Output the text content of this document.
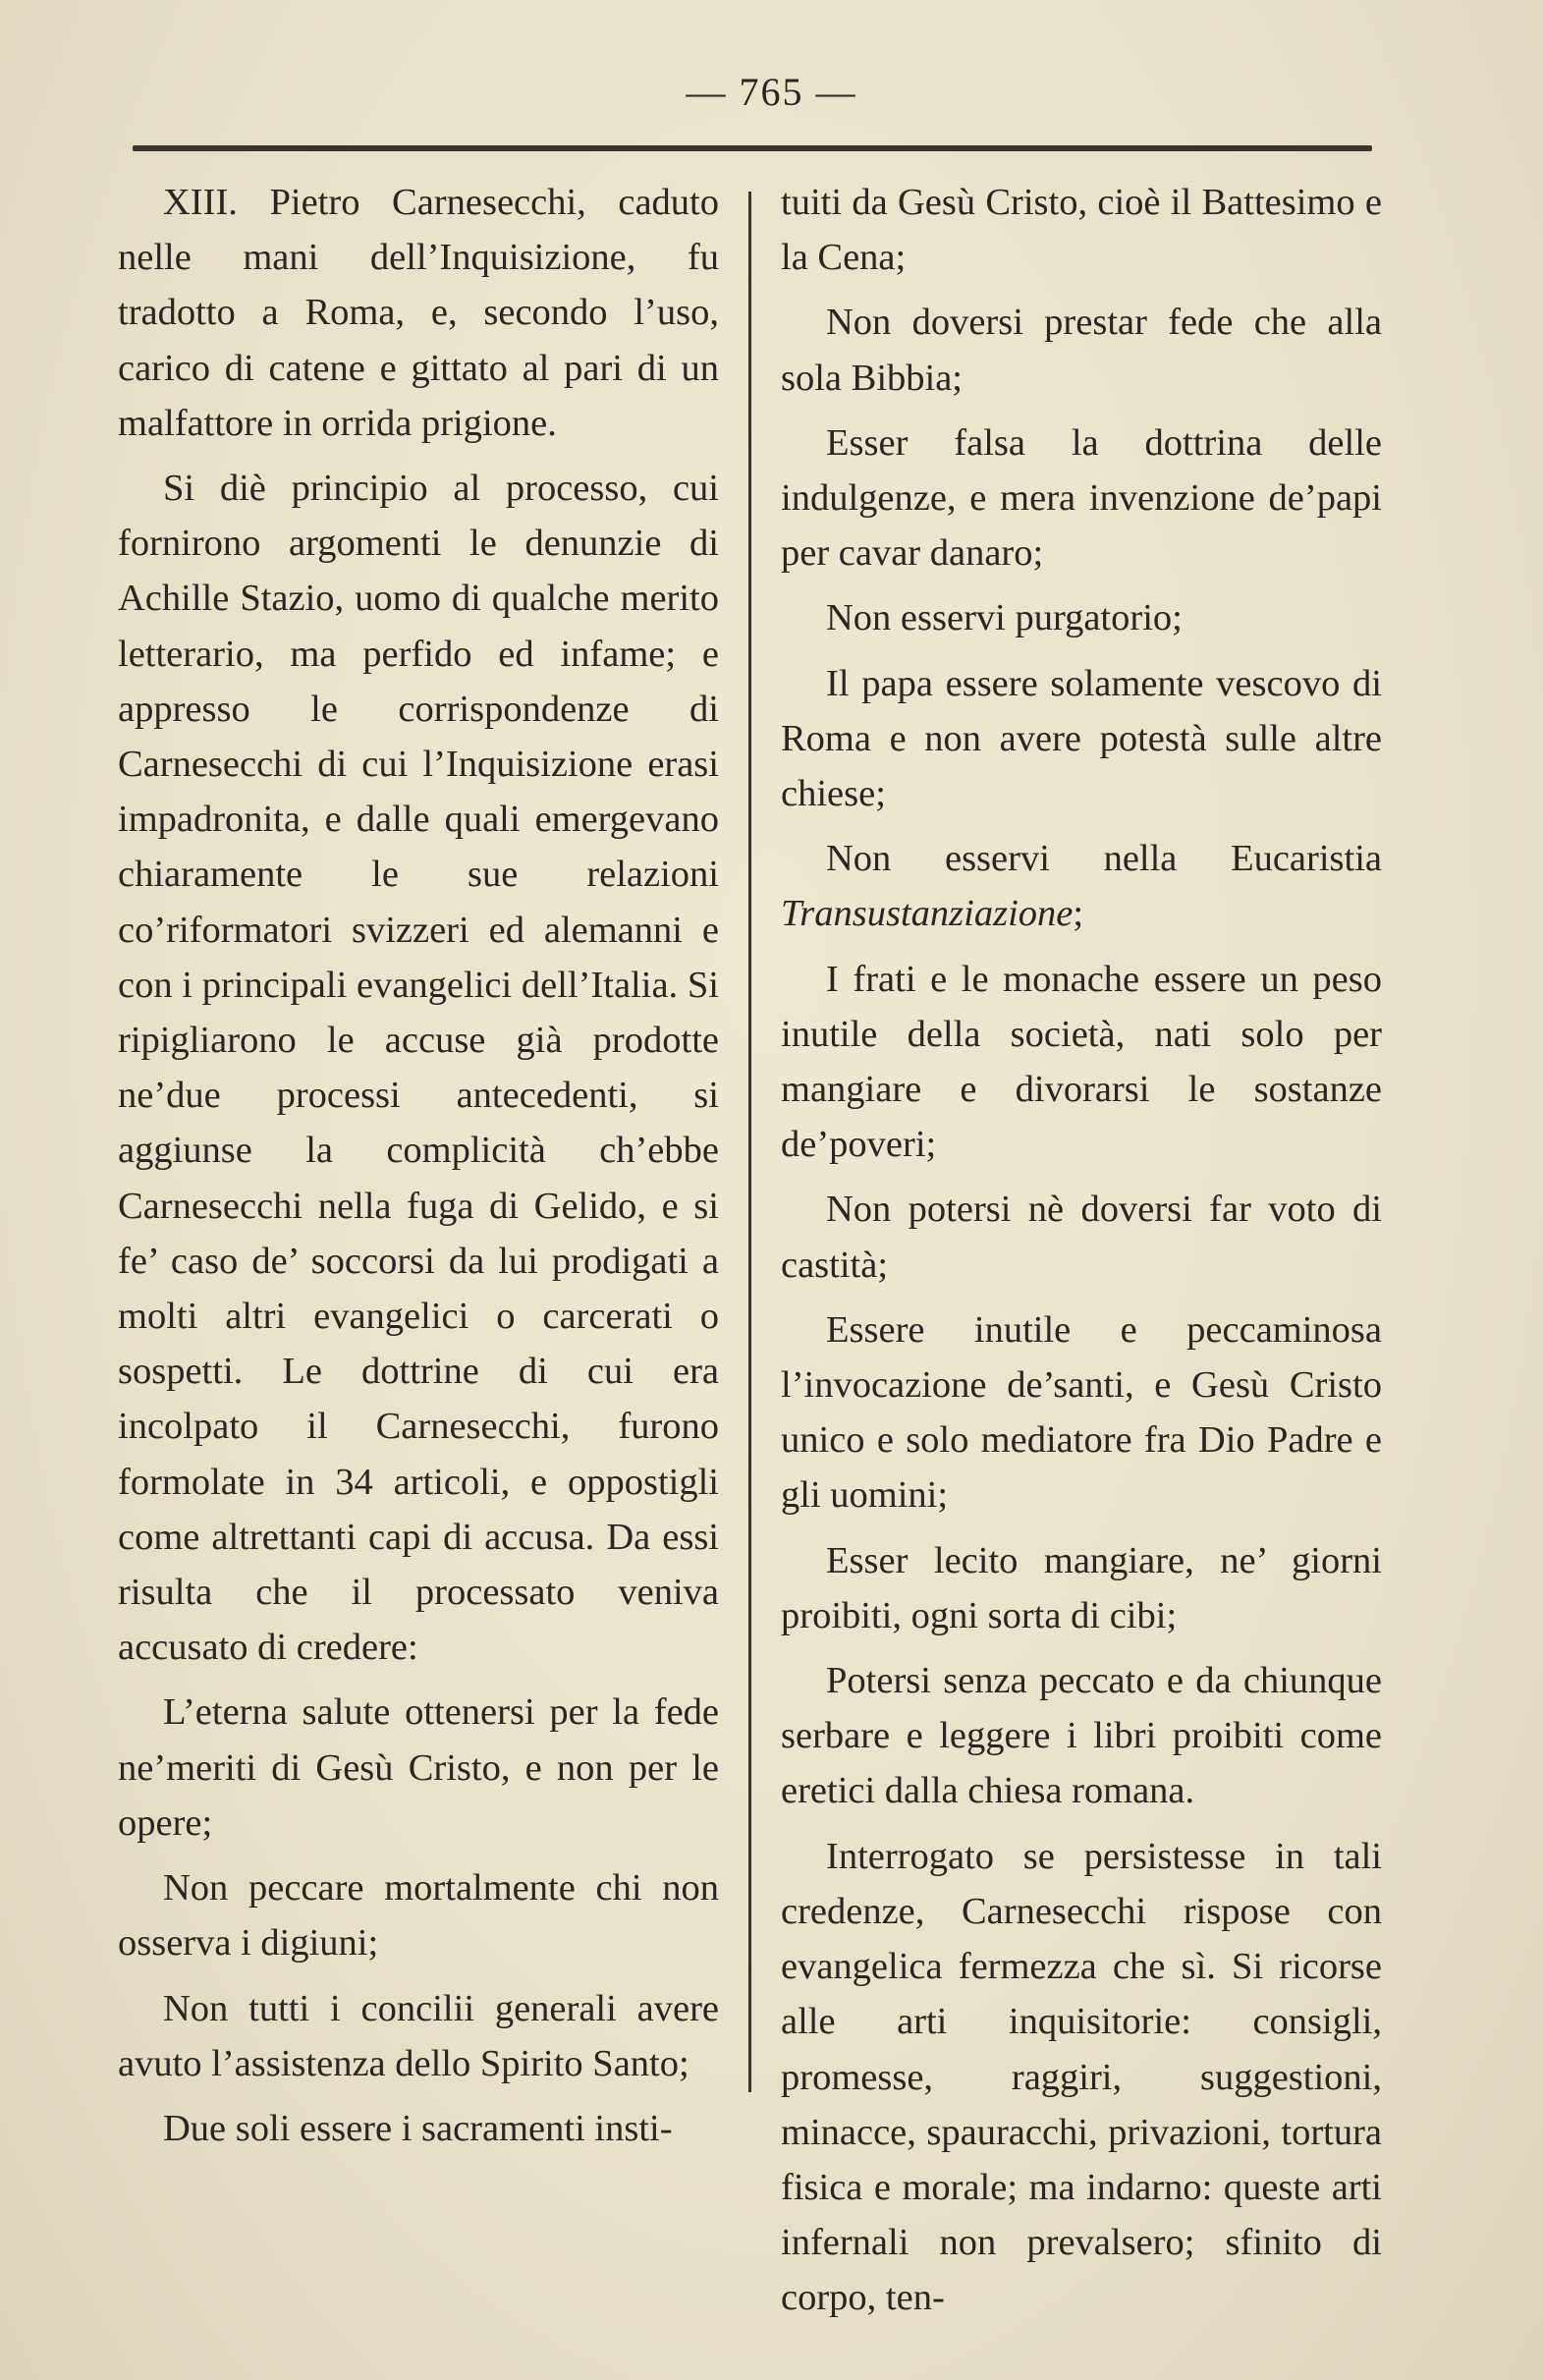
— 765 —

XIII. Pietro Carnesecchi, caduto nelle mani dell’Inquisizione, fu tradotto a Roma, e, secondo l’uso, carico di catene e gittato al pari di un malfattore in orrida prigione.

Si diè principio al processo, cui fornirono argomenti le denunzie di Achille Stazio, uomo di qualche merito letterario, ma perfido ed infame; e appresso le corrispondenze di Carnesecchi di cui l’Inquisizione erasi impadronita, e dalle quali emergevano chiaramente le sue relazioni co’riformatori svizzeri ed alemanni e con i principali evangelici dell’Italia. Si ripigliarono le accuse già prodotte ne’due processi antecedenti, si aggiunse la complicità ch’ebbe Carnesecchi nella fuga di Gelido, e si fe’ caso de’ soccorsi da lui prodigati a molti altri evangelici o carcerati o sospetti. Le dottrine di cui era incolpato il Carnesecchi, furono formolate in 34 articoli, e oppostigli come altrettanti capi di accusa. Da essi risulta che il processato veniva accusato di credere:

L’eterna salute ottenersi per la fede ne’meriti di Gesù Cristo, e non per le opere;

Non peccare mortalmente chi non osserva i digiuni;

Non tutti i concilii generali avere avuto l’assistenza dello Spirito Santo;

Due soli essere i sacramenti insti-

tuiti da Gesù Cristo, cioè il Battesimo e la Cena;

Non doversi prestar fede che alla sola Bibbia;

Esser falsa la dottrina delle indulgenze, e mera invenzione de’papi per cavar danaro;

Non esservi purgatorio;

Il papa essere solamente vescovo di Roma e non avere potestà sulle altre chiese;

Non esservi nella Eucaristia Transustanziazione;

I frati e le monache essere un peso inutile della società, nati solo per mangiare e divorarsi le sostanze de’poveri;

Non potersi nè doversi far voto di castità;

Essere inutile e peccaminosa l’invocazione de’santi, e Gesù Cristo unico e solo mediatore fra Dio Padre e gli uomini;

Esser lecito mangiare, ne’ giorni proibiti, ogni sorta di cibi;

Potersi senza peccato e da chiunque serbare e leggere i libri proibiti come eretici dalla chiesa romana.

Interrogato se persistesse in tali credenze, Carnesecchi rispose con evangelica fermezza che sì. Si ricorse alle arti inquisitorie: consigli, promesse, raggiri, suggestioni, minacce, spauracchi, privazioni, tortura fisica e morale; ma indarno: queste arti infernali non prevalsero; sfinito di corpo, ten-
